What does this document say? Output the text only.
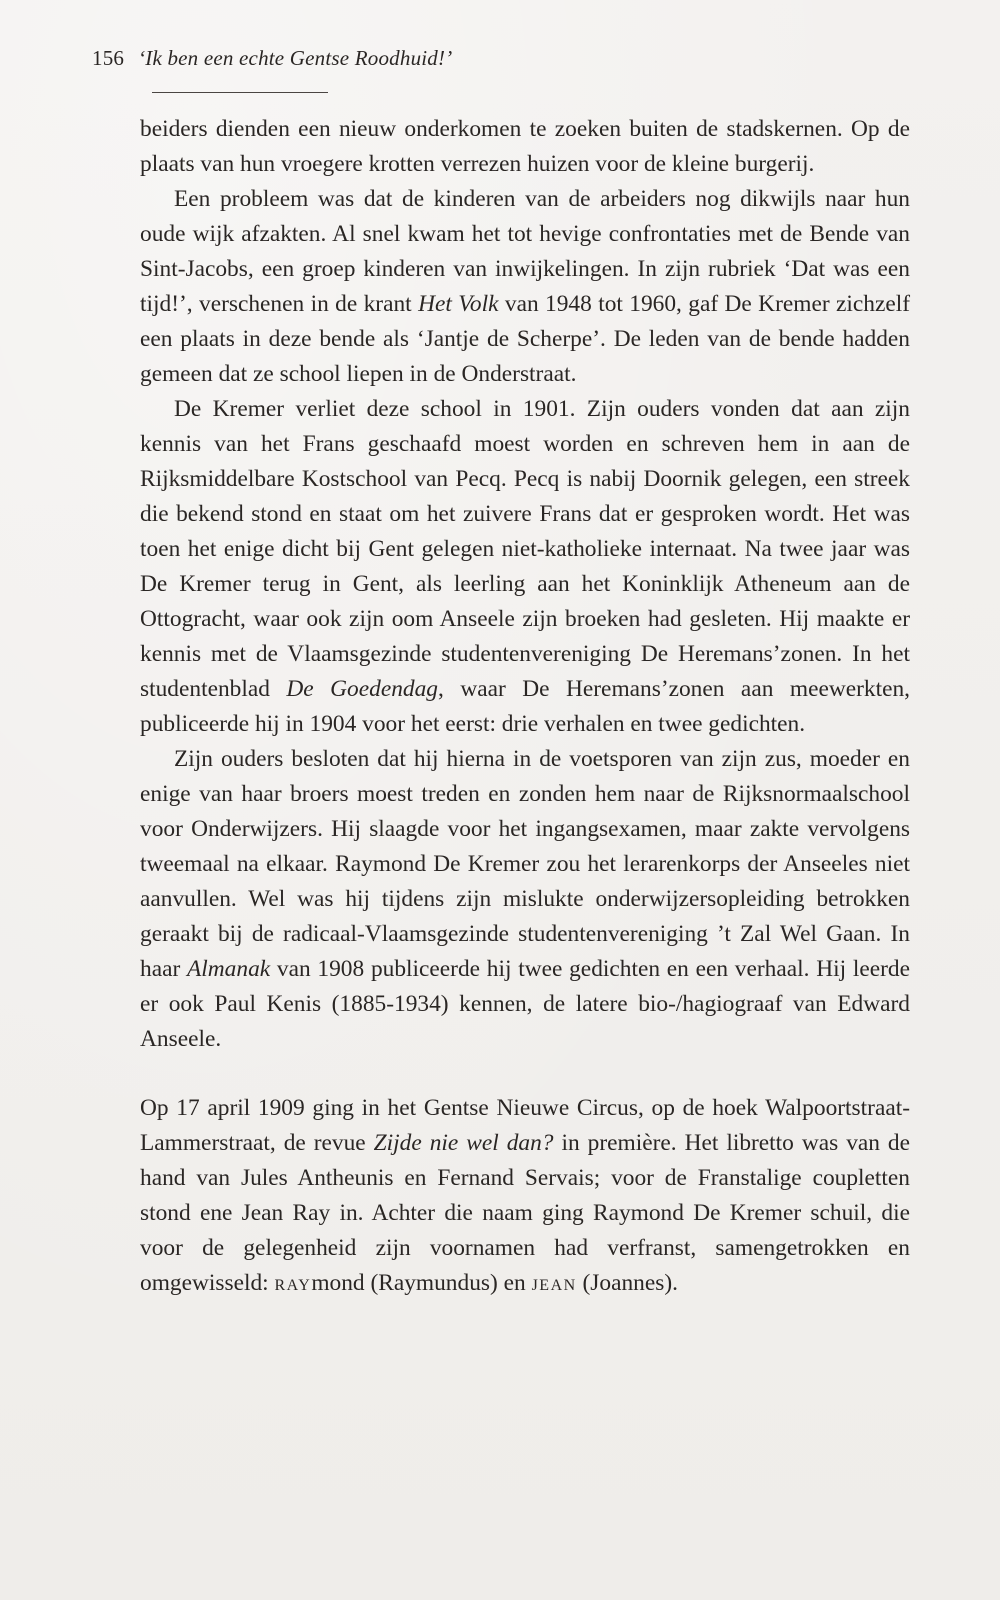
156 ‘Ik ben een echte Gentse Roodhuid!’

beiders dienden een nieuw onderkomen te zoeken buiten de stadskernen. Op de plaats van hun vroegere krotten verrezen huizen voor de kleine burgerij.

Een probleem was dat de kinderen van de arbeiders nog dikwijls naar hun oude wijk afzakten. Al snel kwam het tot hevige confrontaties met de Bende van Sint-Jacobs, een groep kinderen van inwijkelingen. In zijn rubriek ‘Dat was een tijd!’, verschenen in de krant Het Volk van 1948 tot 1960, gaf De Kremer zichzelf een plaats in deze bende als ‘Jantje de Scherpe’. De leden van de bende hadden gemeen dat ze school liepen in de Onderstraat.

De Kremer verliet deze school in 1901. Zijn ouders vonden dat aan zijn kennis van het Frans geschaafd moest worden en schreven hem in aan de Rijksmiddelbare Kostschool van Pecq. Pecq is nabij Doornik gelegen, een streek die bekend stond en staat om het zuivere Frans dat er gesproken wordt. Het was toen het enige dicht bij Gent gelegen niet-katholieke internaat. Na twee jaar was De Kremer terug in Gent, als leerling aan het Koninklijk Atheneum aan de Ottogracht, waar ook zijn oom Anseele zijn broeken had gesleten. Hij maakte er kennis met de Vlaamsgezinde studentenvereniging De Heremans’zonen. In het studentenblad De Goedendag, waar De Heremans’zonen aan meewerkten, publiceerde hij in 1904 voor het eerst: drie verhalen en twee gedichten.

Zijn ouders besloten dat hij hierna in de voetsporen van zijn zus, moeder en enige van haar broers moest treden en zonden hem naar de Rijksnormaalschool voor Onderwijzers. Hij slaagde voor het ingangsexamen, maar zakte vervolgens tweemaal na elkaar. Raymond De Kremer zou het lerarenkorps der Anseeles niet aanvullen. Wel was hij tijdens zijn mislukte onderwijzersopleiding betrokken geraakt bij de radicaal-Vlaamsgezinde studentenvereniging ’t Zal Wel Gaan. In haar Almanak van 1908 publiceerde hij twee gedichten en een verhaal. Hij leerde er ook Paul Kenis (1885-1934) kennen, de latere bio-/hagiograaf van Edward Anseele.

Op 17 april 1909 ging in het Gentse Nieuwe Circus, op de hoek Walpoortstraat-Lammerstraat, de revue Zijde nie wel dan? in première. Het libretto was van de hand van Jules Antheunis en Fernand Servais; voor de Franstalige coupletten stond ene Jean Ray in. Achter die naam ging Raymond De Kremer schuil, die voor de gelegenheid zijn voornamen had verfranst, samengetrokken en omgewisseld: raymond (Raymundus) en jean (Joannes).
